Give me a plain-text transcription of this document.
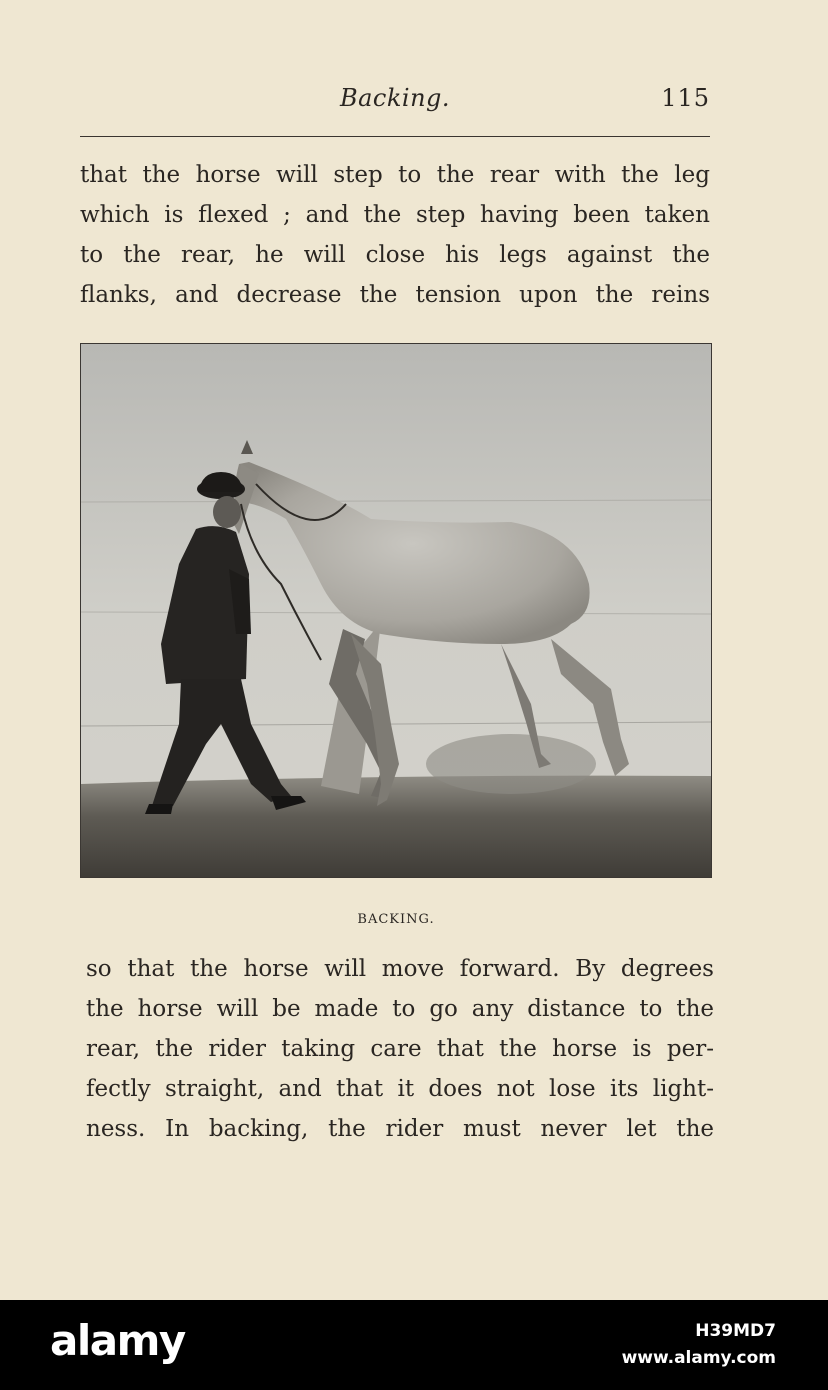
Backing.	115
that the horse will step to the rear with the leg
which is flexed ; and the step having been taken
to the rear, he will close his legs against the
flanks, and decrease the tension upon the reins
BACKING.
so that the horse will move forward. By degrees
the horse will be made to go any distance to the
rear, the rider taking care that the horse is per-
fectly straight, and that it does not lose its light-
ness. In backing, the rider must never let the
alamy	H39MD7
www.alamy.com
